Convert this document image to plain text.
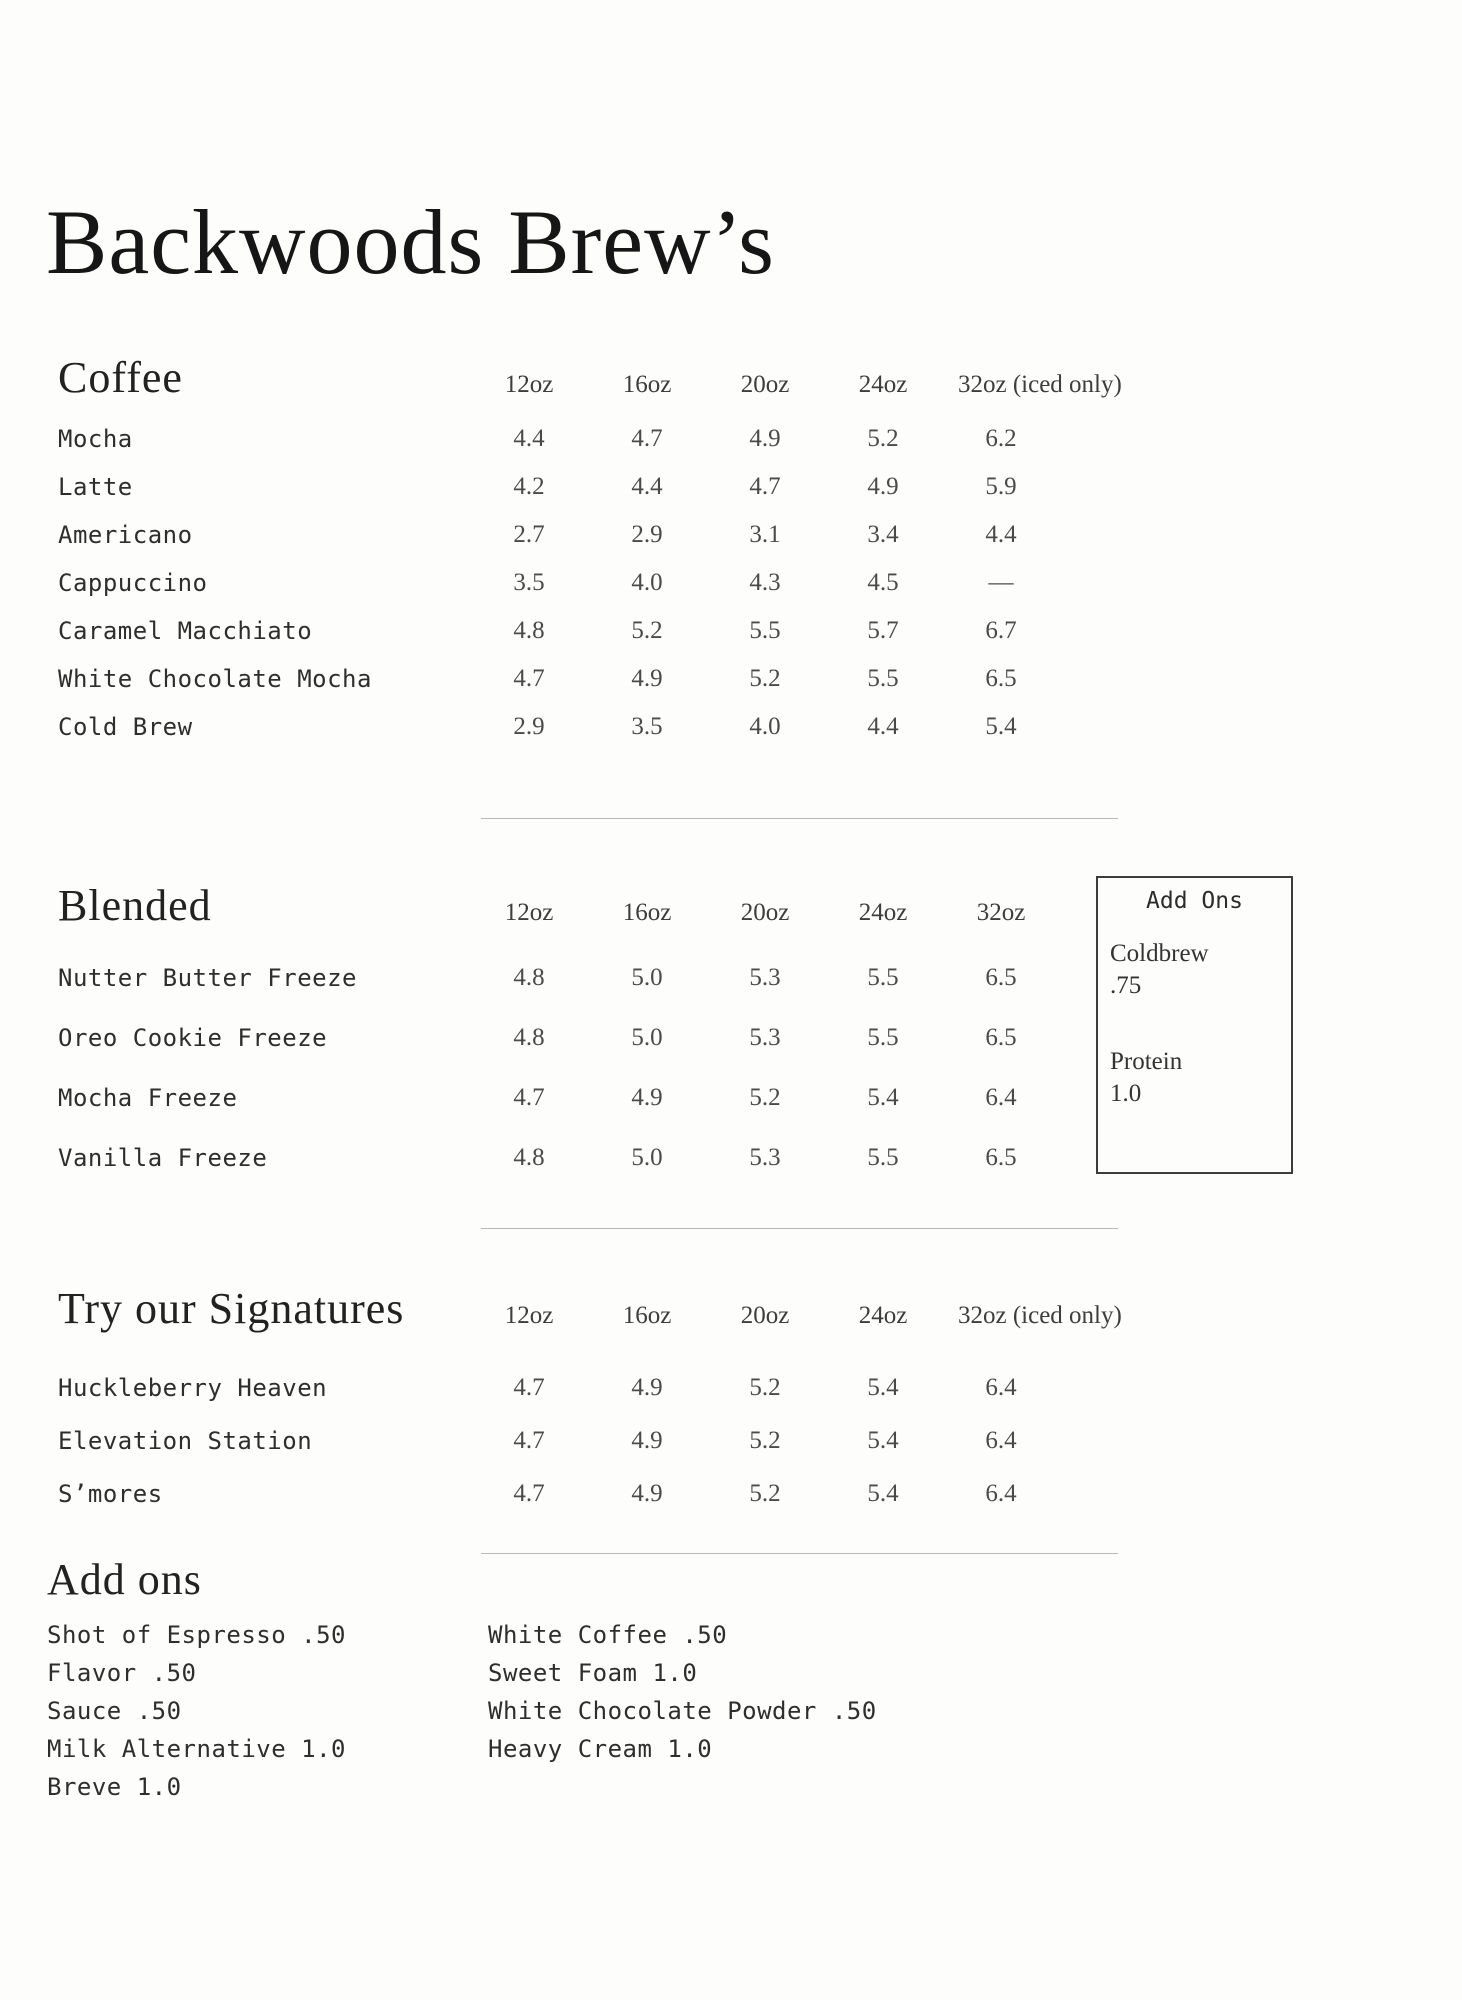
Backwoods Brew’s
Coffee	12oz	16oz	20oz	24oz	32oz (iced only)
Mocha	4.4	4.7	4.9	5.2	6.2
Latte	4.2	4.4	4.7	4.9	5.9
Americano	2.7	2.9	3.1	3.4	4.4
Cappuccino	3.5	4.0	4.3	4.5	—
Caramel Macchiato	4.8	5.2	5.5	5.7	6.7
White Chocolate Mocha	4.7	4.9	5.2	5.5	6.5
Cold Brew	2.9	3.5	4.0	4.4	5.4
Blended	12oz	16oz	20oz	24oz	32oz
Nutter Butter Freeze	4.8	5.0	5.3	5.5	6.5
Oreo Cookie Freeze	4.8	5.0	5.3	5.5	6.5
Mocha Freeze	4.7	4.9	5.2	5.4	6.4
Vanilla Freeze	4.8	5.0	5.3	5.5	6.5
Add Ons
Coldbrew
.75
Protein
1.0
Try our Signatures	12oz	16oz	20oz	24oz	32oz (iced only)
Huckleberry Heaven	4.7	4.9	5.2	5.4	6.4
Elevation Station	4.7	4.9	5.2	5.4	6.4
S’mores	4.7	4.9	5.2	5.4	6.4
Add ons
Shot of Espresso .50
Flavor .50
Sauce .50
Milk Alternative 1.0
Breve 1.0
White Coffee .50
Sweet Foam 1.0
White Chocolate Powder .50
Heavy Cream 1.0
